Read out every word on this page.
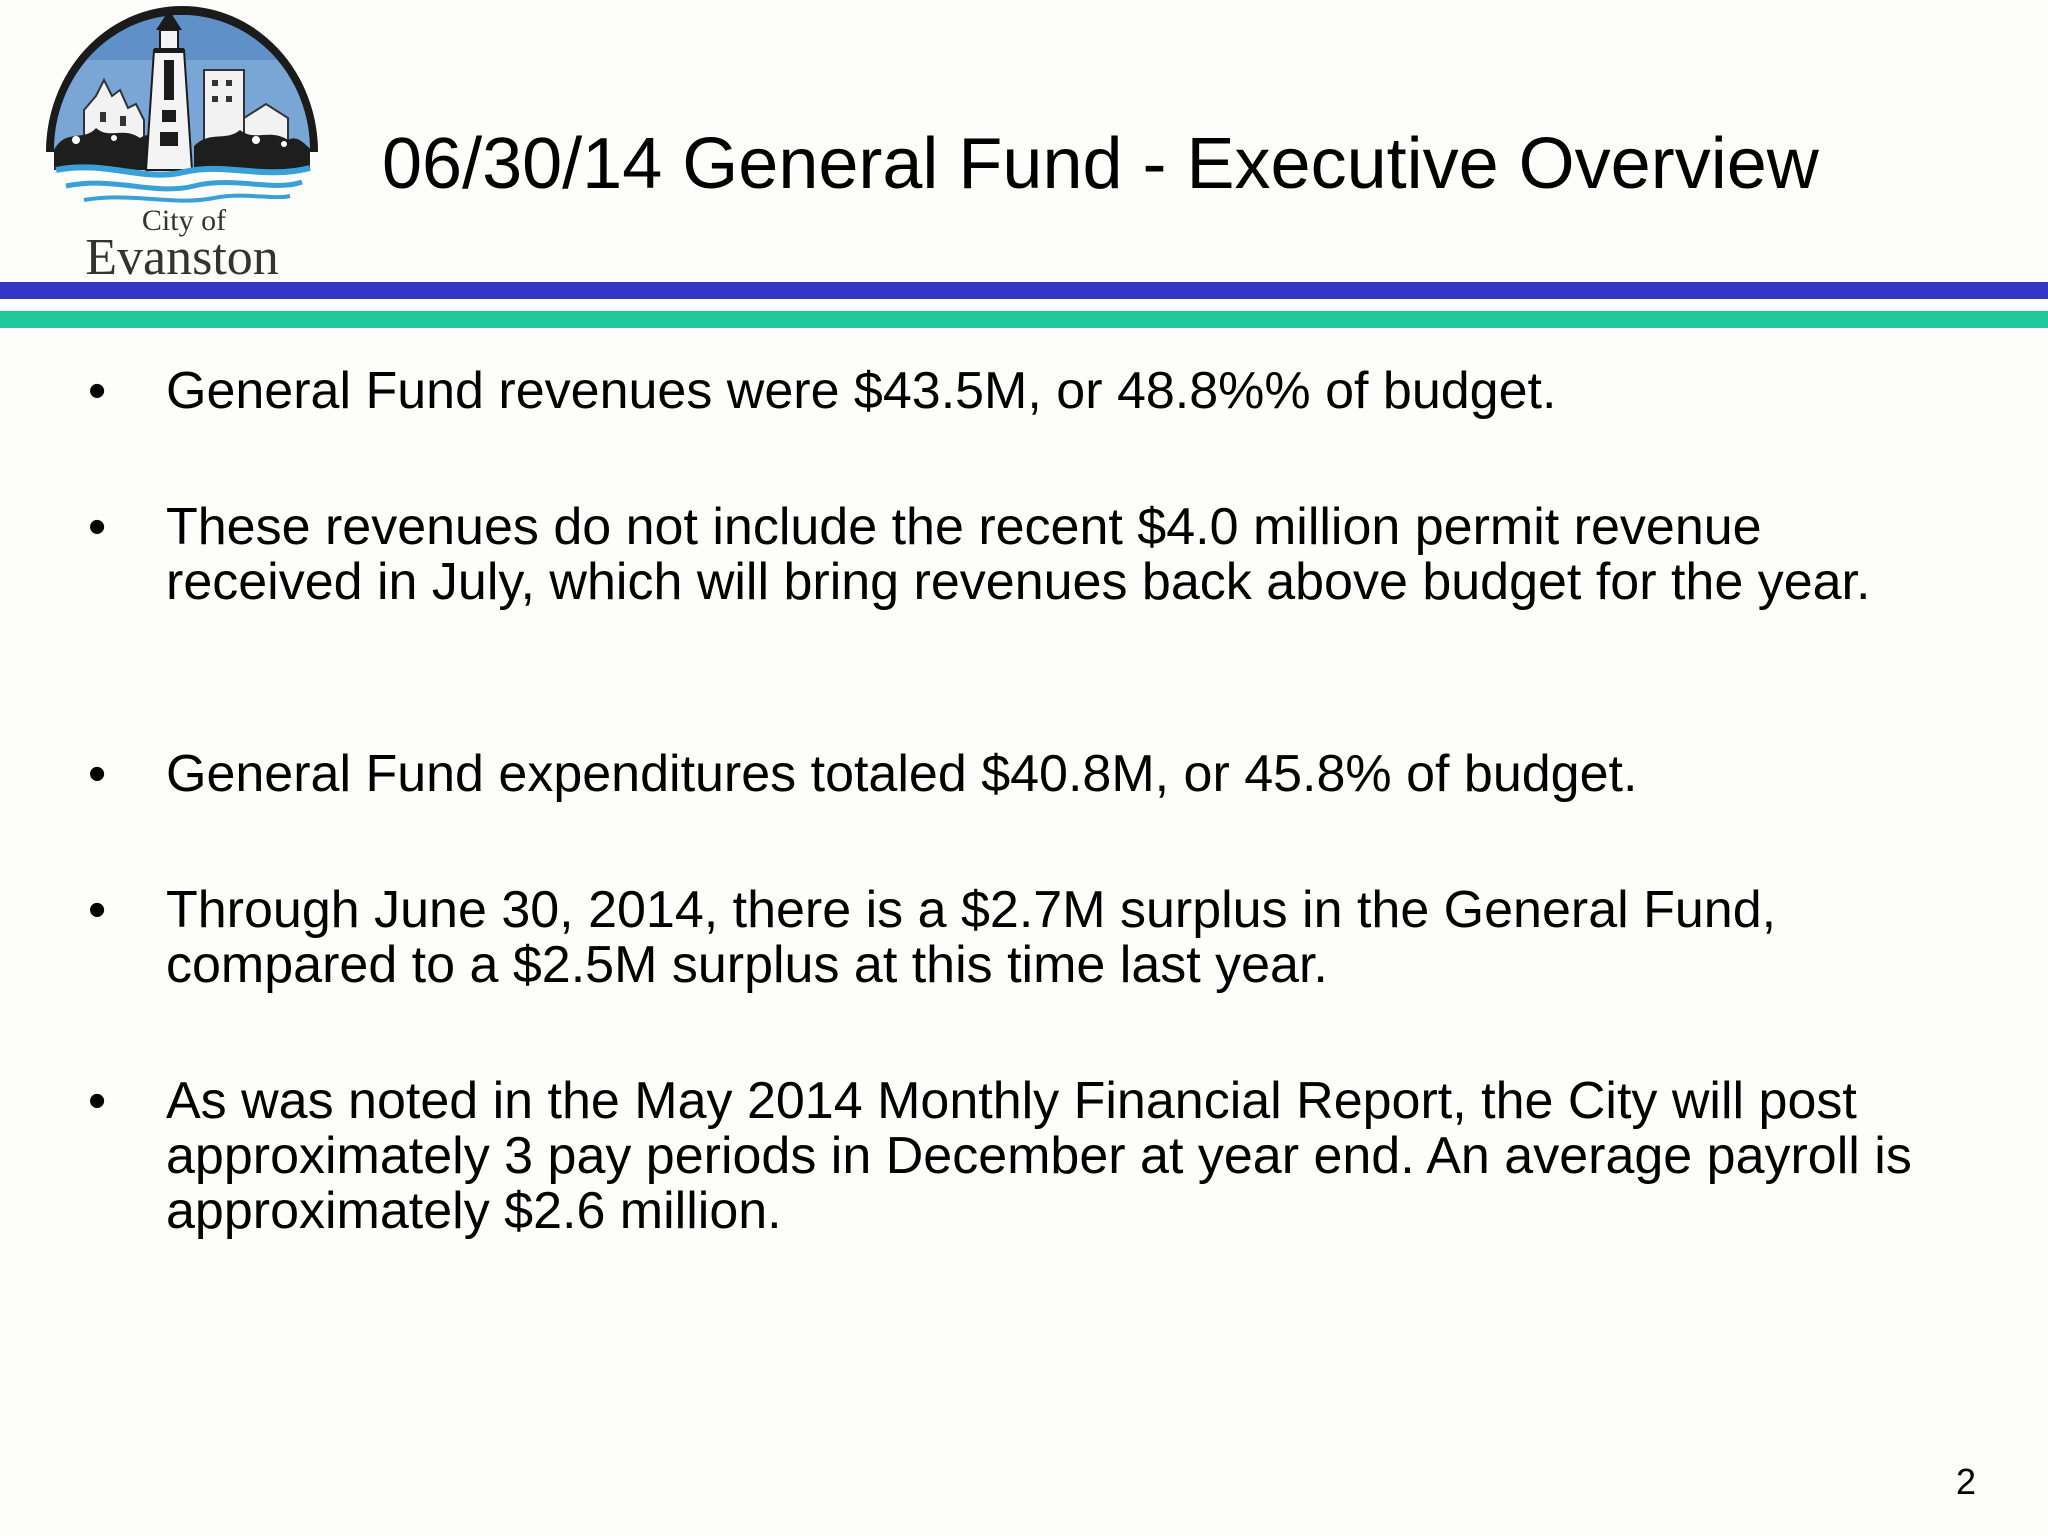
City of
Evanston
06/30/14 General Fund - Executive Overview
• General Fund revenues were $43.5M, or 48.8%% of budget.
• These revenues do not include the recent $4.0 million permit revenue received in July, which will bring revenues back above budget for the year.
• General Fund expenditures totaled $40.8M, or 45.8% of budget.
• Through June 30, 2014, there is a $2.7M surplus in the General Fund, compared to a $2.5M surplus at this time last year.
• As was noted in the May 2014 Monthly Financial Report, the City will post approximately 3 pay periods in December at year end. An average payroll is approximately $2.6 million.
2
